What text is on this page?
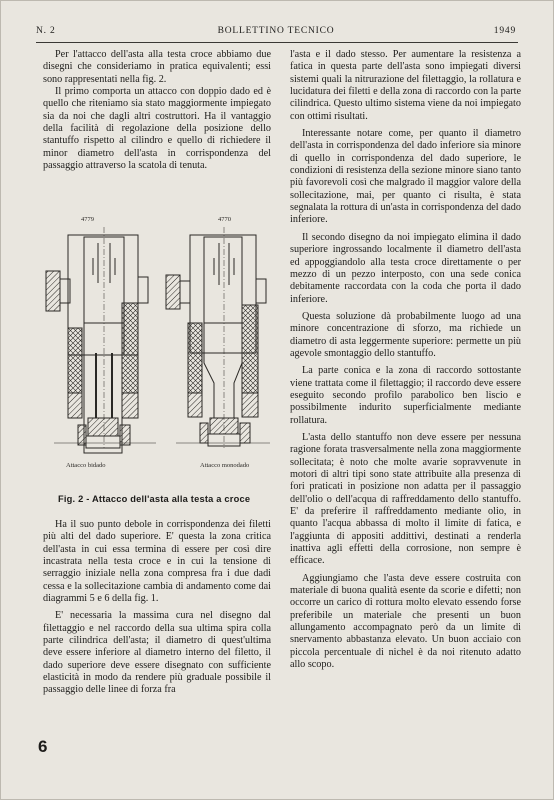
N. 2	BOLLETTINO TECNICO	1949

Per l'attacco dell'asta alla testa croce abbiamo due disegni che consideriamo in pratica equivalenti; essi sono rappresentati nella fig. 2.

Il primo comporta un attacco con doppio dado ed è quello che riteniamo sia stato maggiormente impiegato sia da noi che dagli altri costruttori. Ha il vantaggio della facilità di regolazione della posizione dello stantuffo rispetto al cilindro e quello di richiedere il minor diametro dell'asta in corrispondenza del passaggio attraverso la scatola di tenuta.

4779	4770
Attacco bidado	Attacco monodado
Fig. 2 - Attacco dell'asta alla testa a croce

Ha il suo punto debole in corrispondenza dei filetti più alti del dado superiore. E' questa la zona critica dell'asta in cui essa termina di essere per così dire incastrata nella testa croce e in cui la tensione di serraggio iniziale nella zona compresa fra i due dadi cessa e la sollecitazione cambia di andamento come dai diagrammi 5 e 6 della fig. 1.

E' necessaria la massima cura nel disegno dal filettaggio e nel raccordo della sua ultima spira colla parte cilindrica dell'asta; il diametro di quest'ultima deve essere inferiore al diametro interno del filetto, il dado superiore deve essere disegnato con sufficiente elasticità in modo da rendere più graduale possibile il passaggio delle linee di forza fra

l'asta e il dado stesso. Per aumentare la resistenza a fatica in questa parte dell'asta sono impiegati diversi sistemi quali la nitrurazione del filettaggio, la rollatura e lucidatura dei filetti e della zona di raccordo con la parte cilindrica. Questo ultimo sistema viene da noi impiegato con ottimi risultati.

Interessante notare come, per quanto il diametro dell'asta in corrispondenza del dado inferiore sia minore di quello in corrispondenza del dado superiore, le condizioni di resistenza della sezione minore siano tanto più favorevoli così che malgrado il maggior valore della sollecitazione, mai, per quanto ci risulta, è stata segnalata la rottura di un'asta in corrispondenza del dado inferiore.

Il secondo disegno da noi impiegato elimina il dado superiore ingrossando localmente il diametro dell'asta ed appoggiandolo alla testa croce direttamente o per mezzo di un pezzo interposto, con una sede conica debitamente raccordata con la coda che porta il dado inferiore.

Questa soluzione dà probabilmente luogo ad una minore concentrazione di sforzo, ma richiede un diametro di asta leggermente superiore: permette un più agevole smontaggio dello stantuffo.

La parte conica e la zona di raccordo sottostante viene trattata come il filettaggio; il raccordo deve essere eseguito secondo profilo parabolico ben liscio e possibilmente indurito superficialmente mediante rollatura.

L'asta dello stantuffo non deve essere per nessuna ragione forata trasversalmente nella zona maggiormente sollecitata; è noto che molte avarie sopravvenute in motori di altri tipi sono state attribuite alla presenza di fori praticati in posizione non adatta per il passaggio dell'olio o dell'acqua di raffreddamento dello stantuffo. E' da preferire il raffreddamento mediante olio, in quanto l'acqua abbassa di molto il limite di fatica, e l'aggiunta di appositi addittivi, destinati a renderla inattiva agli effetti della corrosione, non sempre è efficace.

Aggiungiamo che l'asta deve essere costruita con materiale di buona qualità esente da scorie e difetti; non occorre un carico di rottura molto elevato essendo forse preferibile un materiale che presenti un buon allungamento accompagnato però da un limite di snervamento abbastanza elevato. Un buon acciaio con piccola percentuale di nichel è da noi ritenuto adatto allo scopo.

6
